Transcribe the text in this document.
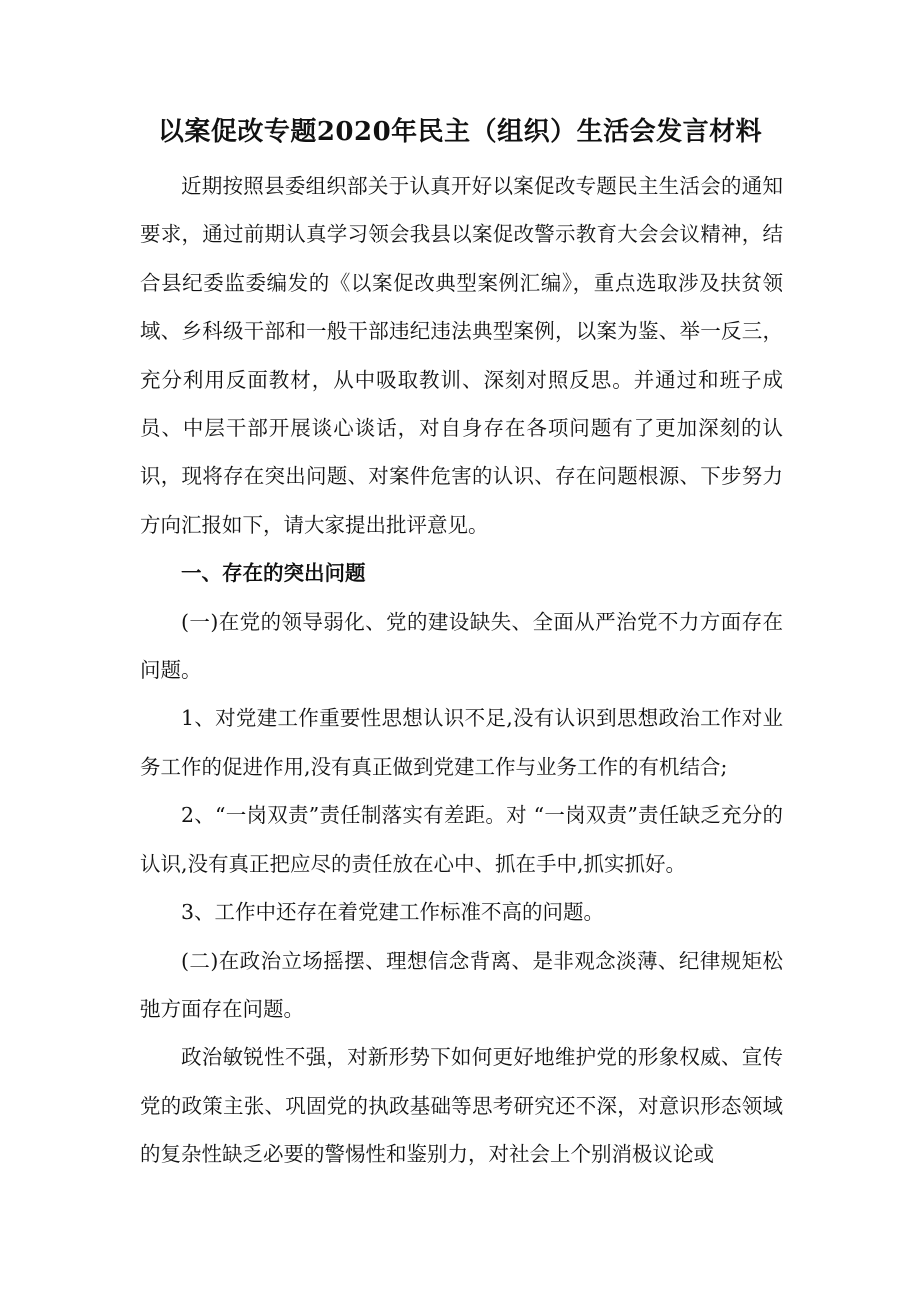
以案促改专题2020年民主（组织）生活会发言材料

近期按照县委组织部关于认真开好以案促改专题民主生活会的通知要求，通过前期认真学习领会我县以案促改警示教育大会会议精神，结合县纪委监委编发的《以案促改典型案例汇编》，重点选取涉及扶贫领域、乡科级干部和一般干部违纪违法典型案例，以案为鉴、举一反三，充分利用反面教材，从中吸取教训、深刻对照反思。并通过和班子成员、中层干部开展谈心谈话，对自身存在各项问题有了更加深刻的认识，现将存在突出问题、对案件危害的认识、存在问题根源、下步努力方向汇报如下，请大家提出批评意见。

一、存在的突出问题

(一)在党的领导弱化、党的建设缺失、全面从严治党不力方面存在问题。

1、对党建工作重要性思想认识不足,没有认识到思想政治工作对业务工作的促进作用,没有真正做到党建工作与业务工作的有机结合;

2、“一岗双责”责任制落实有差距。对 “一岗双责”责任缺乏充分的认识,没有真正把应尽的责任放在心中、抓在手中,抓实抓好。

3、工作中还存在着党建工作标准不高的问题。

(二)在政治立场摇摆、理想信念背离、是非观念淡薄、纪律规矩松弛方面存在问题。

政治敏锐性不强，对新形势下如何更好地维护党的形象权威、宣传党的政策主张、巩固党的执政基础等思考研究还不深，对意识形态领域的复杂性缺乏必要的警惕性和鉴别力，对社会上个别消极议论或
